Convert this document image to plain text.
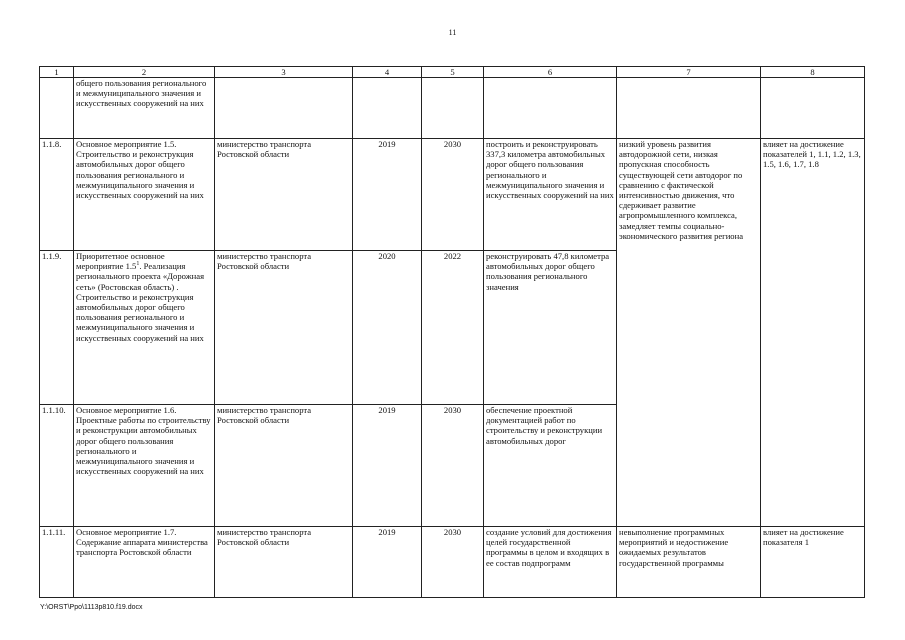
11
1	2	3	4	5	6	7	8
	общего пользования регионального и межмуниципального значения и искусственных сооружений на них						
1.1.8.	Основное мероприятие 1.5. Строительство и реконструкция автомобильных дорог общего пользования регионального и межмуниципального значения и искусственных сооружений на них	министерство транспорта Ростовской области	2019	2030	построить и реконструировать 337,3 километра автомобильных дорог общего пользования регионального и межмуниципального значения и искусственных сооружений на них	низкий уровень развития автодорожной сети, низкая пропускная способность существующей сети автодорог по сравнению с фактической интенсивностью движения, что сдерживает развитие агропромышленного комплекса, замедляет темпы социально-экономического развития региона	влияет на достижение показателей 1, 1.1, 1.2, 1.3, 1.5, 1.6, 1.7, 1.8
1.1.9.	Приоритетное основное мероприятие $1.5^1$. Реализация регионального проекта «Дорожная сеть» (Ростовская область) . Строительство и реконструкция автомобильных дорог общего пользования регионального и межмуниципального значения и искусственных сооружений на них	министерство транспорта Ростовской области	2020	2022	реконструировать 47,8 километра автомобильных дорог общего пользования регионального значения		
1.1.10.	Основное мероприятие 1.6. Проектные работы по строительству и реконструкции автомобильных дорог общего пользования регионального и межмуниципального значения и искусственных сооружений на них	министерство транспорта Ростовской области	2019	2030	обеспечение проектной документацией работ по строительству и реконструкции автомобильных дорог		
1.1.11.	Основное мероприятие 1.7. Содержание аппарата министерства транспорта Ростовской области	министерство транспорта Ростовской области	2019	2030	создание условий для достижения целей государственной программы в целом и входящих в ее состав подпрограмм	невыполнение программных мероприятий и недостижение ожидаемых результатов государственной программы	влияет на достижение показателя 1
Y:\ORST\Ppo\1113p810.f19.docx
